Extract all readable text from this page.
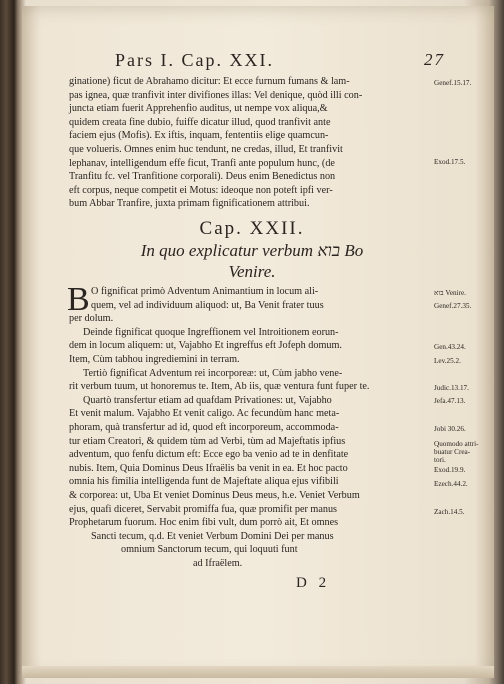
Pars I. Cap. XXI.	27
ginatione) ficut de Abrahamo dicitur: Et ecce furnum fumans & lam-
pas ignea, quæ tranfivit inter divifiones illas: Vel denique, quòd illi con-
juncta etiam fuerit Apprehenfio auditus, ut nempe vox aliqua,&
quidem creata fine dubio, fuiffe dicatur illud, quod tranfivit ante
faciem ejus (Mofis). Ex iftis, inquam, fententiis elige quamcun-
que volueris. Omnes enim huc tendunt, ne credas, illud, Et tranfivit
lephanav, intelligendum effe ficut, Tranfi ante populum hunc, (de
Tranfitu fc. vel Tranfitione corporali). Deus enim Benedictus non
eft corpus, neque competit ei Motus: ideoque non poteft ipfi ver-
bum Abbar Tranfire, juxta primam fignificationem attribui.
Cap. XXII.
In quo explicatur verbum בוא Bo
Venire.
B O fignificat primò Adventum Animantium in locum ali-
quem, vel ad individuum aliquod: ut, Ba Venit frater tuus
per dolum.
Deinde fignificat quoque Ingreffionem vel Introitionem eorun-
dem in locum aliquem: ut, Vajabho Et ingreffus eft Jofeph domum.
Item, Cùm tabhou ingrediemini in terram.
Tertiò fignificat Adventum rei incorporeæ: ut, Cùm jabho vene-
rit verbum tuum, ut honoremus te. Item, Ab iis, quæ ventura funt fuper te.
Quartò transfertur etiam ad quafdam Privationes: ut, Vajabho
Et venit malum. Vajabho Et venit caligo. Ac fecundùm hanc meta-
phoram, quà transfertur ad id, quod eft incorporeum, accommoda-
tur etiam Creatori, & quidem tùm ad Verbi, tùm ad Majeftatis ipfius
adventum, quo fenfu dictum eft: Ecce ego ba venio ad te in denfitate
nubis. Item, Quia Dominus Deus Ifraëlis ba venit in ea. Et hoc pacto
omnia his fimilia intelligenda funt de Majeftate aliqua ejus vifibili
& corporea: ut, Uba Et veniet Dominus Deus meus, h.e. Veniet Verbum
ejus, quafi diceret, Servabit promiffa fua, quæ promifit per manus
Prophetarum fuorum. Hoc enim fibi vult, dum porrò ait, Et omnes
Sancti tecum, q.d. Et veniet Verbum Domini Dei per manus
omnium Sanctorum tecum, qui loquuti funt
ad Ifraëlem.
Genef.15.17.
Exod.17.5.
בוא Venire.
Genef.27.35.
Gen.43.24.
Lev.25.2.
Judic.13.17.
Jefa.47.13.
Jobi 30.26.
Quomodo attri-
buatur Crea-
tori.
Exod.19.9.
Ezech.44.2.
Zach.14.5.
D 2
